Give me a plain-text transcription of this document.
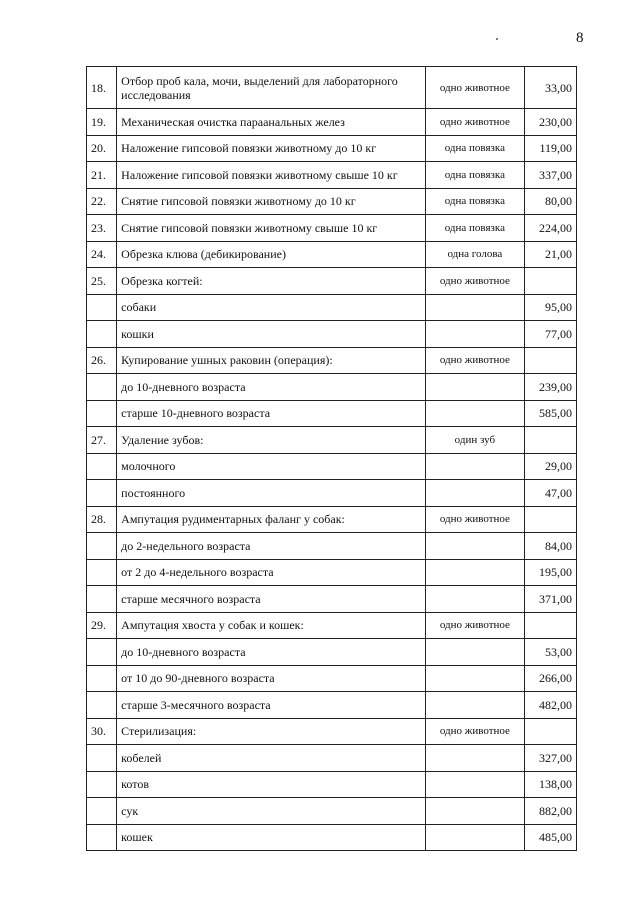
8
18.	Отбор проб кала, мочи, выделений для лабораторного исследования	одно животное	33,00
19.	Механическая очистка параанальных желез	одно животное	230,00
20.	Наложение гипсовой повязки животному до 10 кг	одна повязка	119,00
21.	Наложение гипсовой повязки животному свыше 10 кг	одна повязка	337,00
22.	Снятие гипсовой повязки животному до 10 кг	одна повязка	80,00
23.	Снятие гипсовой повязки животному свыше 10 кг	одна повязка	224,00
24.	Обрезка клюва (дебикирование)	одна голова	21,00
25.	Обрезка когтей:	одно животное	
	собаки		95,00
	кошки		77,00
26.	Купирование ушных раковин (операция):	одно животное	
	до 10-дневного возраста		239,00
	старше 10-дневного возраста		585,00
27.	Удаление зубов:	один зуб	
	молочного		29,00
	постоянного		47,00
28.	Ампутация рудиментарных фаланг у собак:	одно животное	
	до 2-недельного возраста		84,00
	от 2 до 4-недельного возраста		195,00
	старше месячного возраста		371,00
29.	Ампутация хвоста у собак и кошек:	одно животное	
	до 10-дневного возраста		53,00
	от 10 до 90-дневного возраста		266,00
	старше 3-месячного возраста		482,00
30.	Стерилизация:	одно животное	
	кобелей		327,00
	котов		138,00
	сук		882,00
	кошек		485,00
